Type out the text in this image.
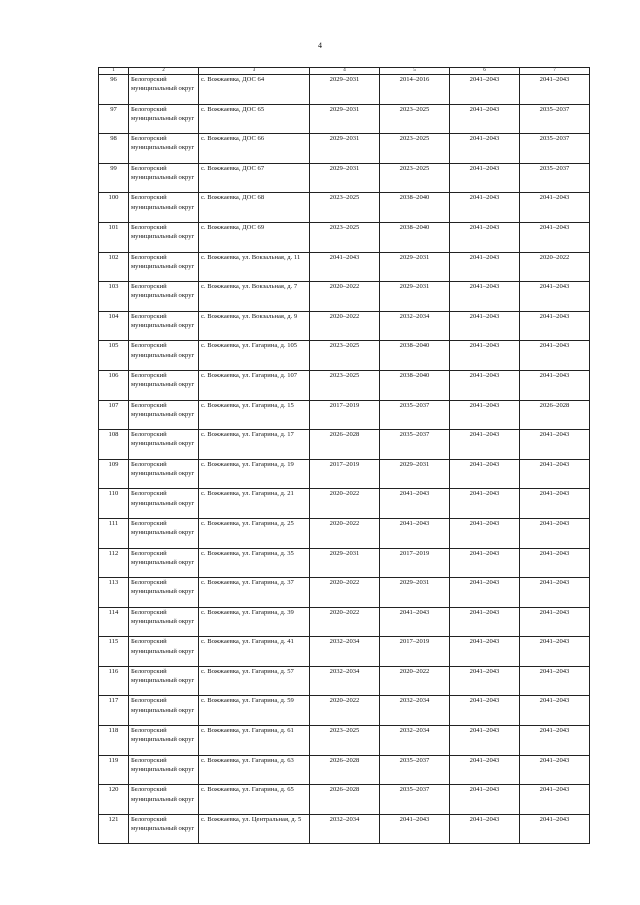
4
1	2	3	4	5	6	7
96	Белогорский муниципальный округ	с. Вожжаевка, ДОС 64	2029–2031	2014–2016	2041–2043	2041–2043
97	Белогорский муниципальный округ	с. Вожжаевка, ДОС 65	2029–2031	2023–2025	2041–2043	2035–2037
98	Белогорский муниципальный округ	с. Вожжаевка, ДОС 66	2029–2031	2023–2025	2041–2043	2035–2037
99	Белогорский муниципальный округ	с. Вожжаевка, ДОС 67	2029–2031	2023–2025	2041–2043	2035–2037
100	Белогорский муниципальный округ	с. Вожжаевка, ДОС 68	2023–2025	2038–2040	2041–2043	2041–2043
101	Белогорский муниципальный округ	с. Вожжаевка, ДОС 69	2023–2025	2038–2040	2041–2043	2041–2043
102	Белогорский муниципальный округ	с. Вожжаевка, ул. Вокзальная, д. 11	2041–2043	2029–2031	2041–2043	2020–2022
103	Белогорский муниципальный округ	с. Вожжаевка, ул. Вокзальная, д. 7	2020–2022	2029–2031	2041–2043	2041–2043
104	Белогорский муниципальный округ	с. Вожжаевка, ул. Вокзальная, д. 9	2020–2022	2032–2034	2041–2043	2041–2043
105	Белогорский муниципальный округ	с. Вожжаевка, ул. Гагарина, д. 105	2023–2025	2038–2040	2041–2043	2041–2043
106	Белогорский муниципальный округ	с. Вожжаевка, ул. Гагарина, д. 107	2023–2025	2038–2040	2041–2043	2041–2043
107	Белогорский муниципальный округ	с. Вожжаевка, ул. Гагарина, д. 15	2017–2019	2035–2037	2041–2043	2026–2028
108	Белогорский муниципальный округ	с. Вожжаевка, ул. Гагарина, д. 17	2026–2028	2035–2037	2041–2043	2041–2043
109	Белогорский муниципальный округ	с. Вожжаевка, ул. Гагарина, д. 19	2017–2019	2029–2031	2041–2043	2041–2043
110	Белогорский муниципальный округ	с. Вожжаевка, ул. Гагарина, д. 21	2020–2022	2041–2043	2041–2043	2041–2043
111	Белогорский муниципальный округ	с. Вожжаевка, ул. Гагарина, д. 25	2020–2022	2041–2043	2041–2043	2041–2043
112	Белогорский муниципальный округ	с. Вожжаевка, ул. Гагарина, д. 35	2029–2031	2017–2019	2041–2043	2041–2043
113	Белогорский муниципальный округ	с. Вожжаевка, ул. Гагарина, д. 37	2020–2022	2029–2031	2041–2043	2041–2043
114	Белогорский муниципальный округ	с. Вожжаевка, ул. Гагарина, д. 39	2020–2022	2041–2043	2041–2043	2041–2043
115	Белогорский муниципальный округ	с. Вожжаевка, ул. Гагарина, д. 41	2032–2034	2017–2019	2041–2043	2041–2043
116	Белогорский муниципальный округ	с. Вожжаевка, ул. Гагарина, д. 57	2032–2034	2020–2022	2041–2043	2041–2043
117	Белогорский муниципальный округ	с. Вожжаевка, ул. Гагарина, д. 59	2020–2022	2032–2034	2041–2043	2041–2043
118	Белогорский муниципальный округ	с. Вожжаевка, ул. Гагарина, д. 61	2023–2025	2032–2034	2041–2043	2041–2043
119	Белогорский муниципальный округ	с. Вожжаевка, ул. Гагарина, д. 63	2026–2028	2035–2037	2041–2043	2041–2043
120	Белогорский муниципальный округ	с. Вожжаевка, ул. Гагарина, д. 65	2026–2028	2035–2037	2041–2043	2041–2043
121	Белогорский муниципальный округ	с. Вожжаевка, ул. Центральная, д. 5	2032–2034	2041–2043	2041–2043	2041–2043
